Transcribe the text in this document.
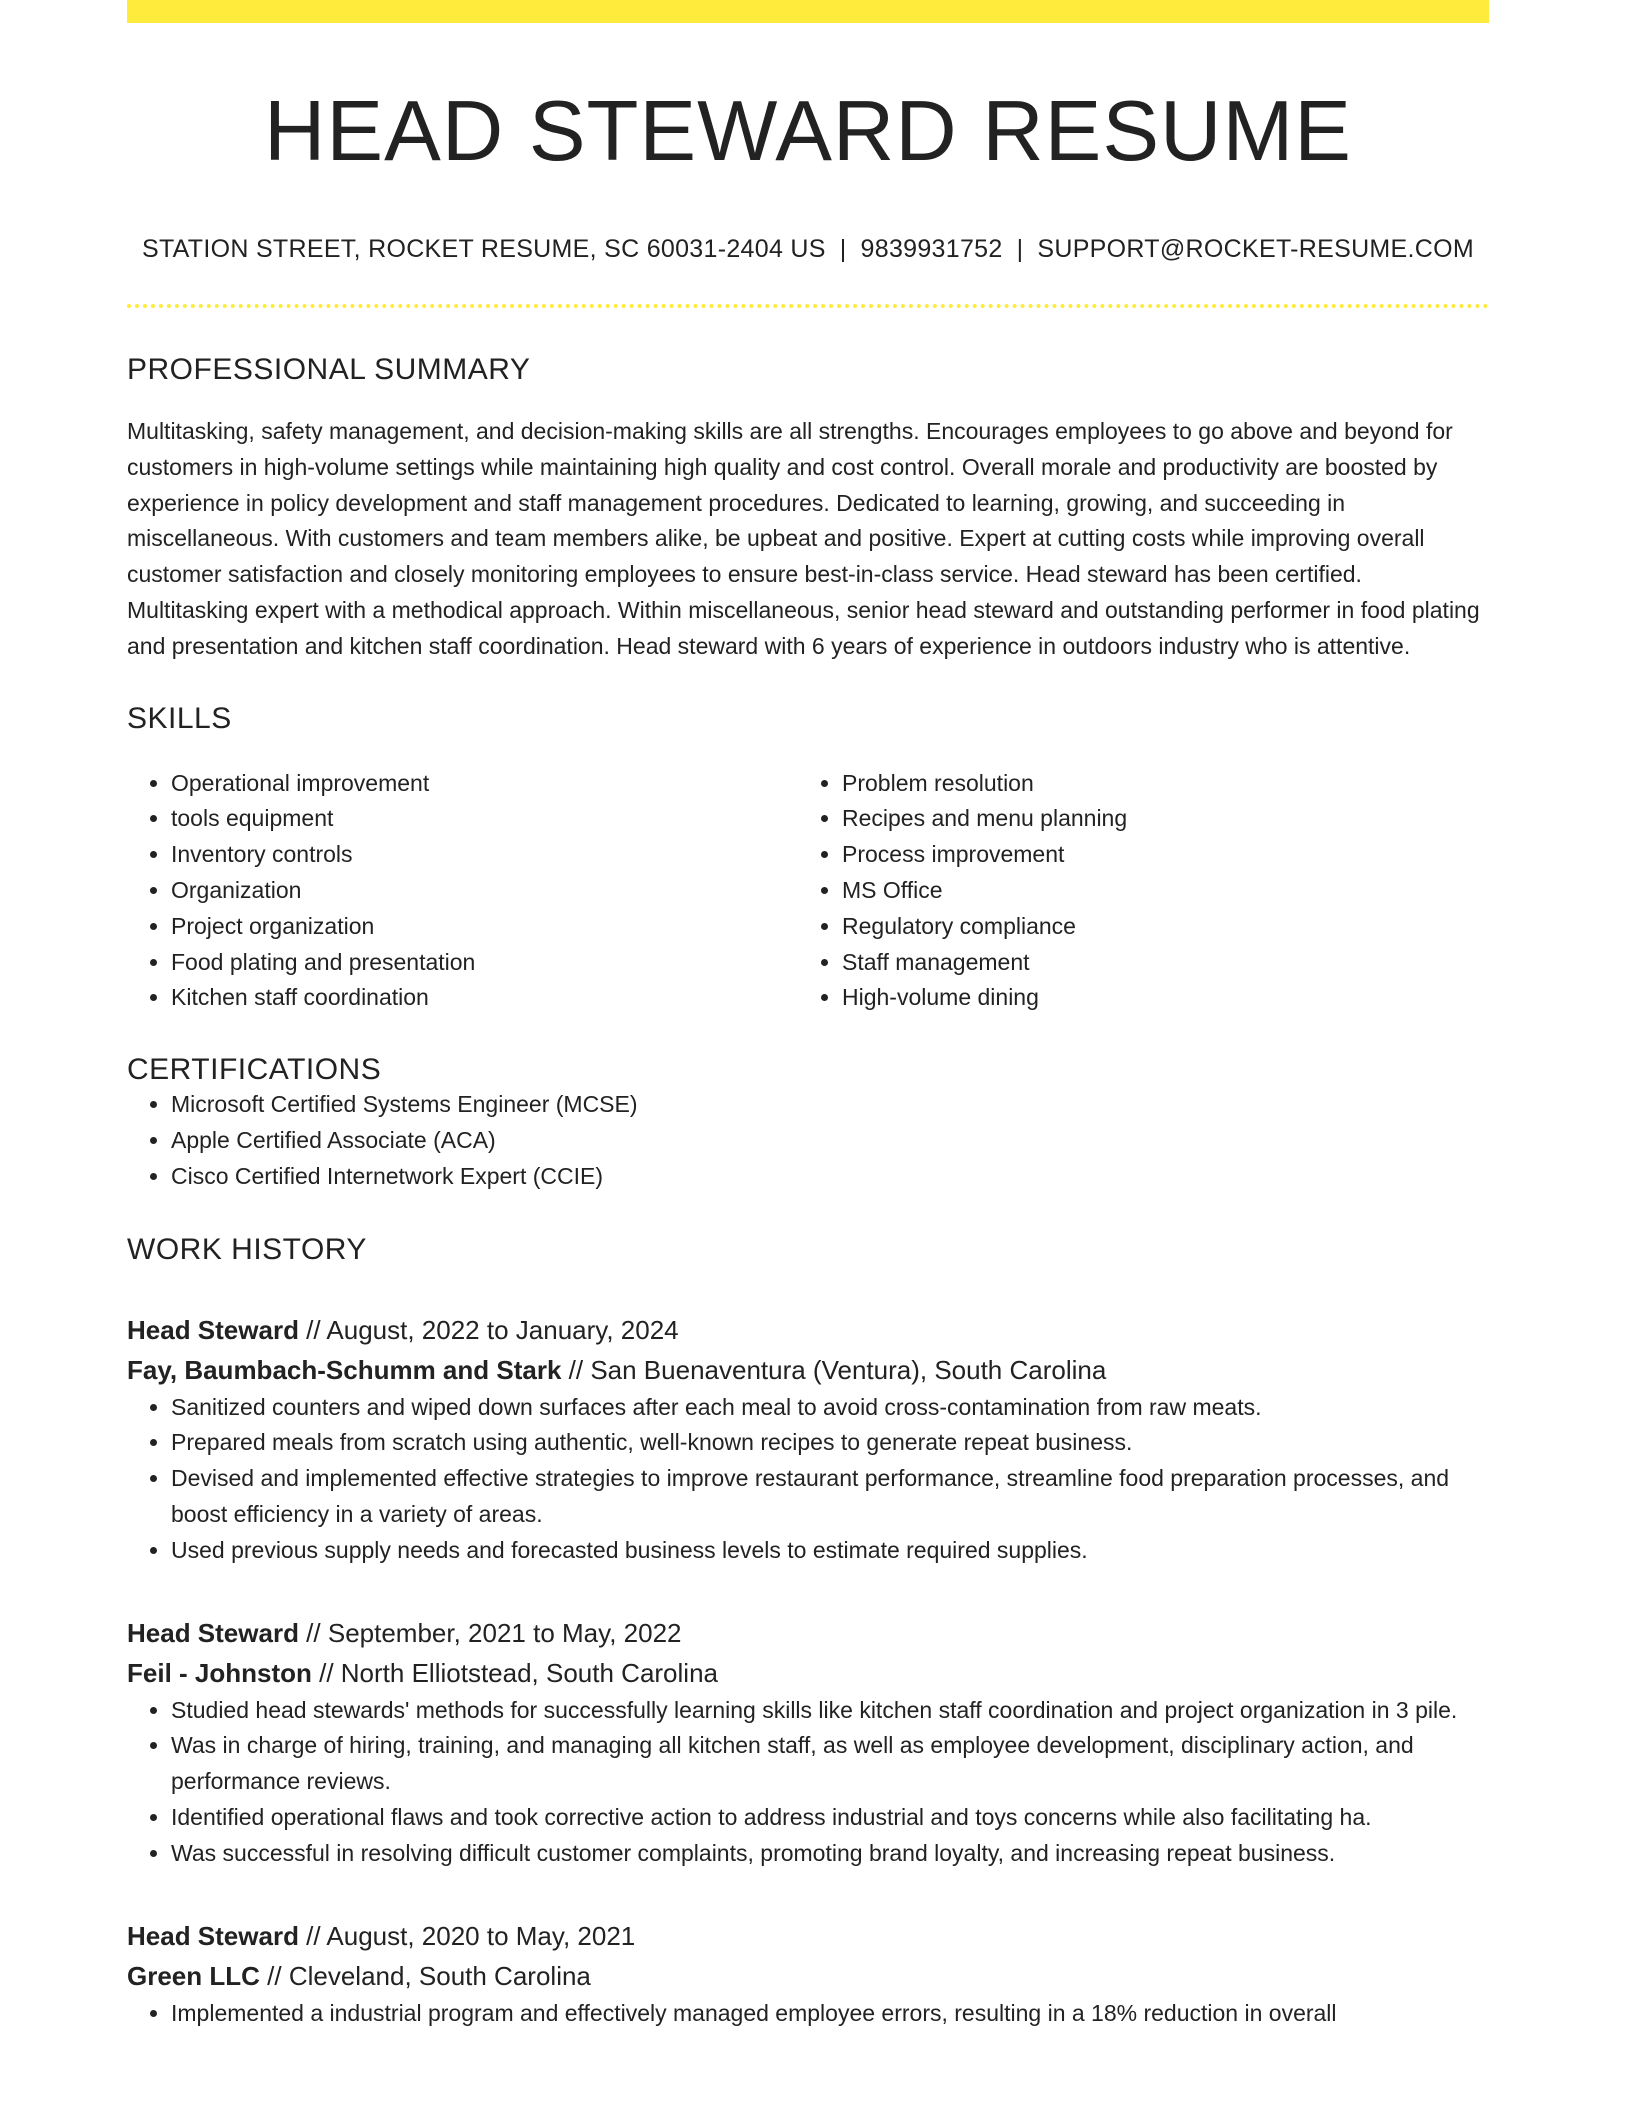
HEAD STEWARD RESUME
STATION STREET, ROCKET RESUME, SC 60031-2404 US | 9839931752 | SUPPORT@ROCKET-RESUME.COM
PROFESSIONAL SUMMARY

Multitasking, safety management, and decision-making skills are all strengths. Encourages employees to go above and beyond for customers in high-volume settings while maintaining high quality and cost control. Overall morale and productivity are boosted by experience in policy development and staff management procedures. Dedicated to learning, growing, and succeeding in miscellaneous. With customers and team members alike, be upbeat and positive. Expert at cutting costs while improving overall customer satisfaction and closely monitoring employees to ensure best-in-class service. Head steward has been certified. Multitasking expert with a methodical approach. Within miscellaneous, senior head steward and outstanding performer in food plating and presentation and kitchen staff coordination. Head steward with 6 years of experience in outdoors industry who is attentive.

SKILLS
• Operational improvement
• tools equipment
• Inventory controls
• Organization
• Project organization
• Food plating and presentation
• Kitchen staff coordination
• Problem resolution
• Recipes and menu planning
• Process improvement
• MS Office
• Regulatory compliance
• Staff management
• High-volume dining
CERTIFICATIONS
• Microsoft Certified Systems Engineer (MCSE)
• Apple Certified Associate (ACA)
• Cisco Certified Internetwork Expert (CCIE)
WORK HISTORY
Head Steward // August, 2022 to January, 2024
Fay, Baumbach-Schumm and Stark // San Buenaventura (Ventura), South Carolina
• Sanitized counters and wiped down surfaces after each meal to avoid cross-contamination from raw meats.
• Prepared meals from scratch using authentic, well-known recipes to generate repeat business.
• Devised and implemented effective strategies to improve restaurant performance, streamline food preparation processes, and boost efficiency in a variety of areas.
• Used previous supply needs and forecasted business levels to estimate required supplies.
Head Steward // September, 2021 to May, 2022
Feil - Johnston // North Elliotstead, South Carolina
• Studied head stewards' methods for successfully learning skills like kitchen staff coordination and project organization in 3 pile.
• Was in charge of hiring, training, and managing all kitchen staff, as well as employee development, disciplinary action, and performance reviews.
• Identified operational flaws and took corrective action to address industrial and toys concerns while also facilitating ha.
• Was successful in resolving difficult customer complaints, promoting brand loyalty, and increasing repeat business.
Head Steward // August, 2020 to May, 2021
Green LLC // Cleveland, South Carolina
• Implemented a industrial program and effectively managed employee errors, resulting in a 18% reduction in overall
